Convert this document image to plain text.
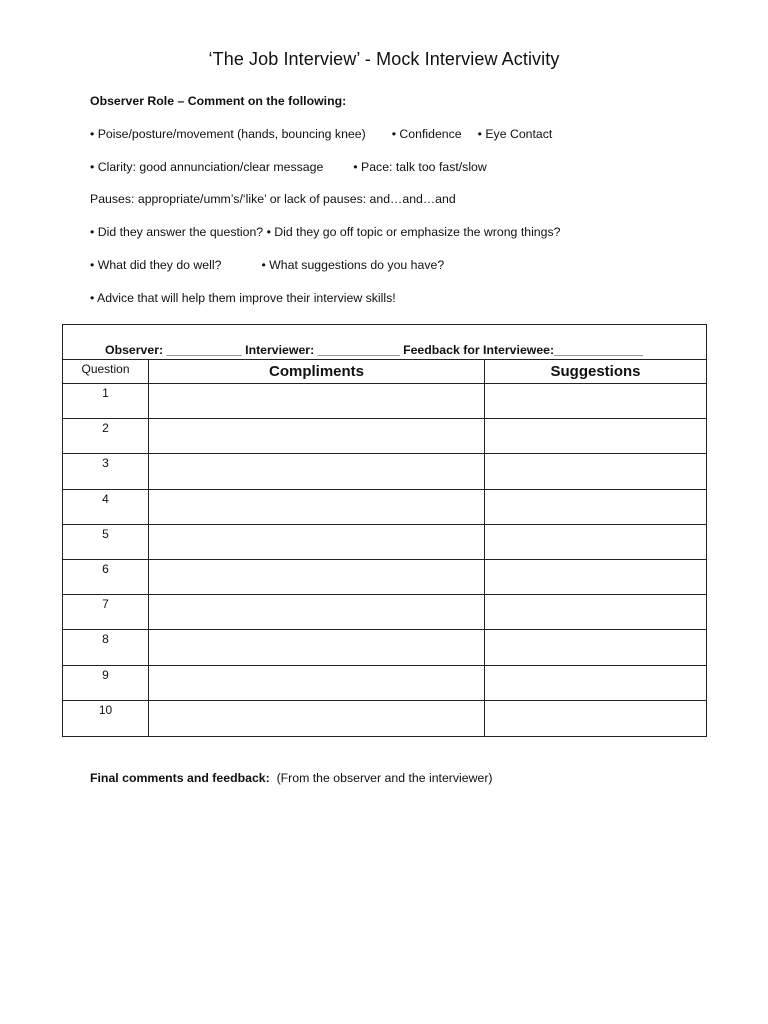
‘The Job Interview’ - Mock Interview Activity
Observer Role – Comment on the following:
• Poise/posture/movement (hands, bouncing knee) • Confidence • Eye Contact
• Clarity: good annunciation/clear message • Pace: talk too fast/slow
Pauses: appropriate/umm’s/‘like’ or lack of pauses: and…and…and
• Did they answer the question? • Did they go off topic or emphasize the wrong things?
• What did they do well?	• What suggestions do you have?
• Advice that will help them improve their interview skills!
Observer: ___________ Interviewer: ____________ Feedback for Interviewee:_____________
Question	Compliments	Suggestions
1
2
3
4
5
6
7
8
9
10
Final comments and feedback: (From the observer and the interviewer)
